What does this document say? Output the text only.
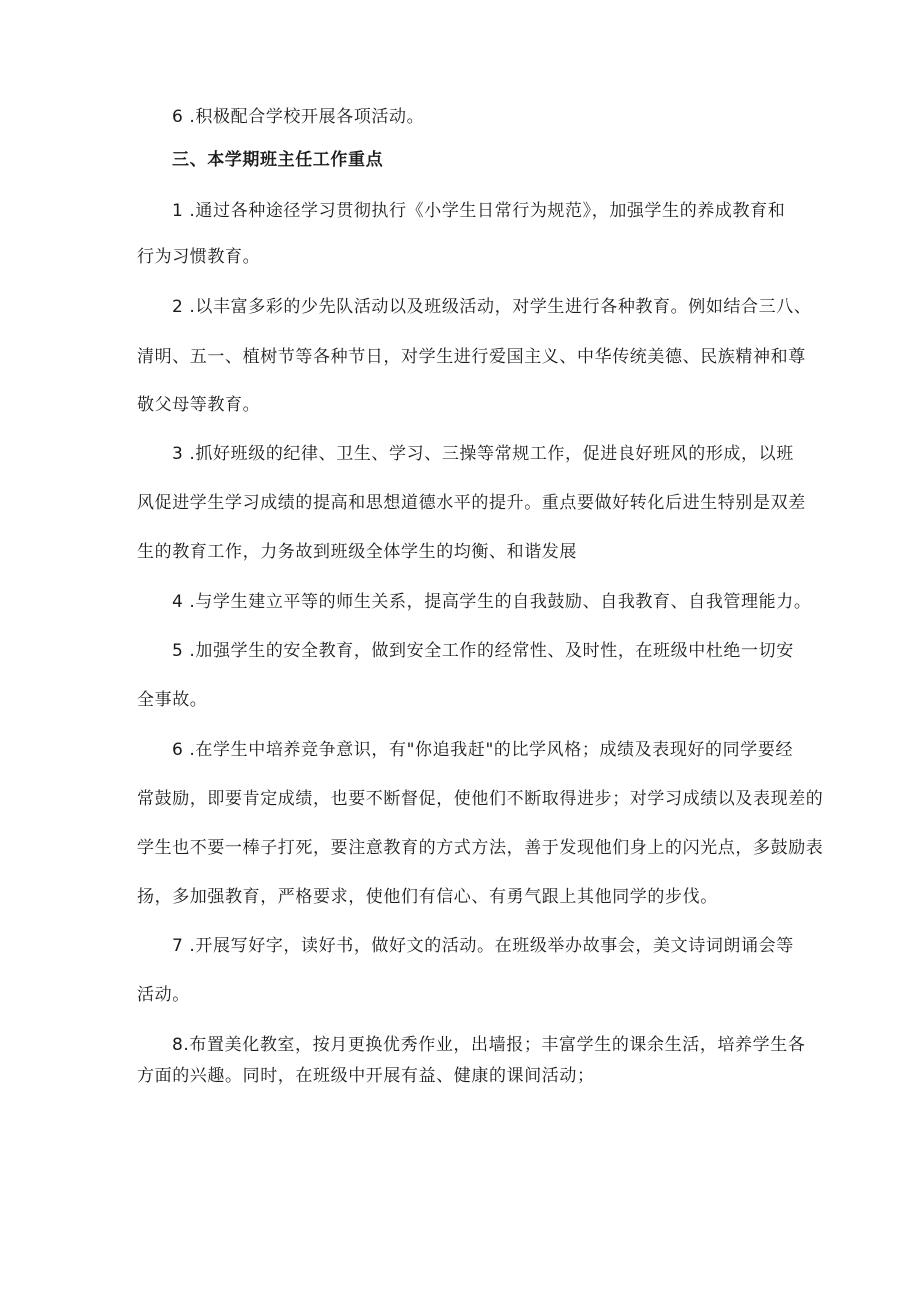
6 .积极配合学校开展各项活动。
三、本学期班主任工作重点
1 .通过各种途径学习贯彻执行《小学生日常行为规范》，加强学生的养成教育和
行为习惯教育。
2 .以丰富多彩的少先队活动以及班级活动，对学生进行各种教育。例如结合三八、
清明、五一、植树节等各种节日，对学生进行爱国主义、中华传统美德、民族精神和尊
敬父母等教育。
3 .抓好班级的纪律、卫生、学习、三操等常规工作，促进良好班风的形成，以班
风促进学生学习成绩的提高和思想道德水平的提升。重点要做好转化后进生特别是双差
生的教育工作，力务故到班级全体学生的均衡、和谐发展
4 .与学生建立平等的师生关系，提高学生的自我鼓励、自我教育、自我管理能力。
5 .加强学生的安全教育，做到安全工作的经常性、及时性，在班级中杜绝一切安
全事故。
6 .在学生中培养竞争意识，有"你追我赶"的比学风格；成绩及表现好的同学要经
常鼓励，即要肯定成绩，也要不断督促，使他们不断取得进步；对学习成绩以及表现差的
学生也不要一棒子打死，要注意教育的方式方法，善于发现他们身上的闪光点，多鼓励表
扬，多加强教育，严格要求，使他们有信心、有勇气跟上其他同学的步伐。
7 .开展写好字，读好书，做好文的活动。在班级举办故事会，美文诗词朗诵会等
活动。
8.布置美化教室，按月更换优秀作业，出墙报；丰富学生的课余生活，培养学生各
方面的兴趣。同时，在班级中开展有益、健康的课间活动；
